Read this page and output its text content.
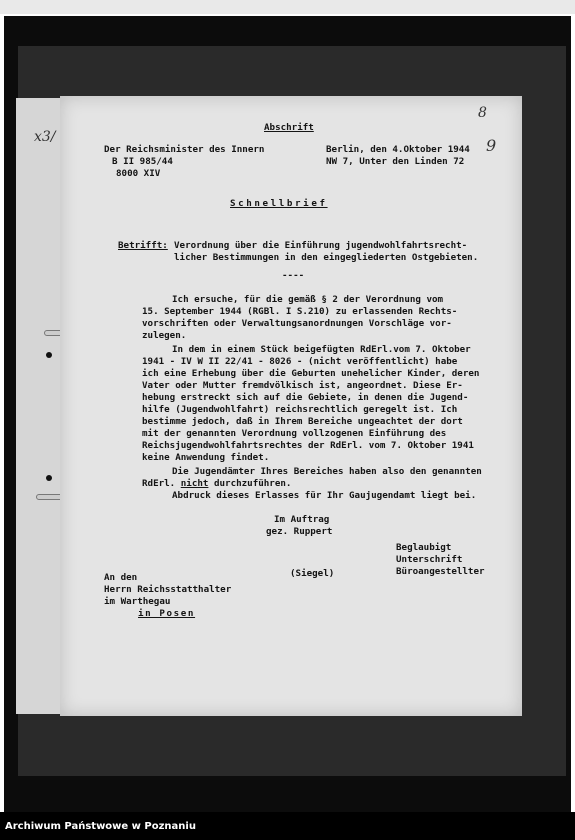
x3/
8
9
Abschrift
Der Reichsminister des Innern
B II 985/44
8000 XIV
Berlin, den 4.Oktober 1944
NW 7, Unter den Linden 72
Schnellbrief
Betrifft: Verordnung über die Einführung jugendwohlfahrtsrecht-
licher Bestimmungen in den eingegliederten Ostgebieten.
----
Ich ersuche, für die gemäß § 2 der Verordnung vom
15. September 1944 (RGBl. I S.210) zu erlassenden Rechts-
vorschriften oder Verwaltungsanordnungen Vorschläge vor-
zulegen.
In dem in einem Stück beigefügten RdErl.vom 7. Oktober
1941 - IV W II 22/41 - 8026 - (nicht veröffentlicht) habe
ich eine Erhebung über die Geburten unehelicher Kinder, deren
Vater oder Mutter fremdvölkisch ist, angeordnet. Diese Er-
hebung erstreckt sich auf die Gebiete, in denen die Jugend-
hilfe (Jugendwohlfahrt) reichsrechtlich geregelt ist. Ich
bestimme jedoch, daß in Ihrem Bereiche ungeachtet der dort
mit der genannten Verordnung vollzogenen Einführung des
Reichsjugendwohlfahrtsrechtes der RdErl. vom 7. Oktober 1941
keine Anwendung findet.
Die Jugendämter Ihres Bereiches haben also den genannten
RdErl. nicht durchzuführen.
Abdruck dieses Erlasses für Ihr Gaujugendamt liegt bei.
Im Auftrag
gez. Ruppert
Beglaubigt
Unterschrift
Büroangestellter
(Siegel)
An den
Herrn Reichsstatthalter
im Warthegau
in Posen
Archiwum Państwowe w Poznaniu
